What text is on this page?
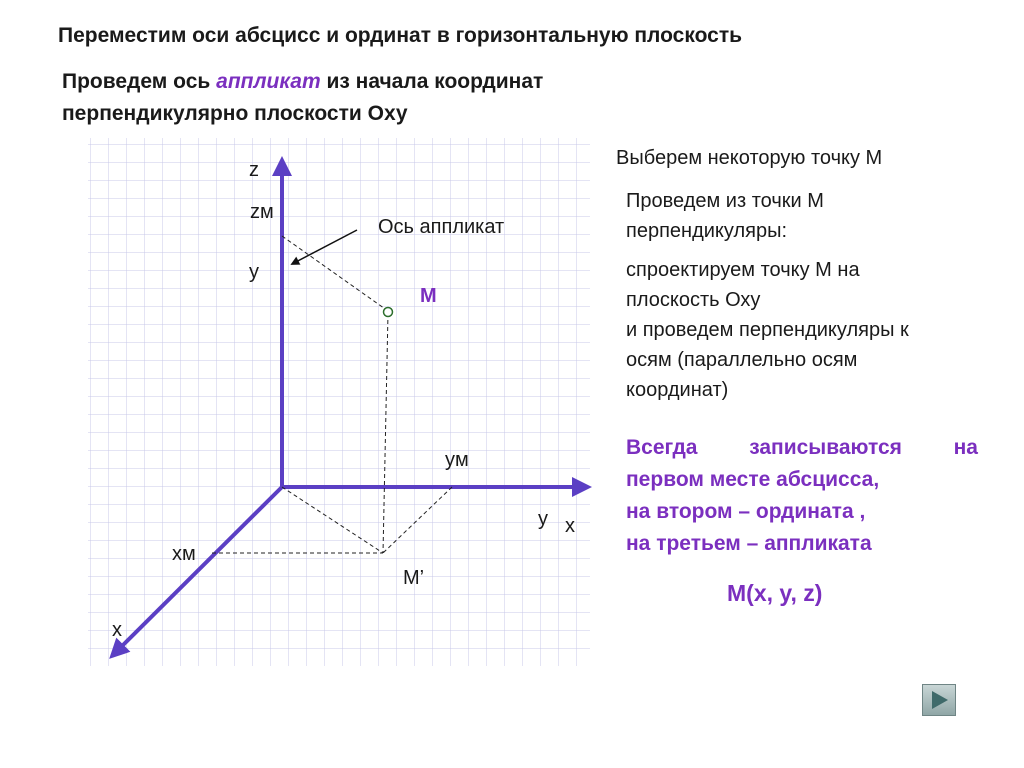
Переместим оси абсцисс и ординат в горизонтальную плоскость
Проведем ось аппликат из начала координат
перпендикулярно плоскости Оху
z
zм
y
Ось аппликат
M
yм
y x
xм
M’
x
Выберем некоторую точку М
Проведем из точки М
перпендикуляры:
спроектируем точку М на
плоскость Оху
и проведем перпендикуляры к
осям (параллельно осям
координат)
Всегда записываются на
первом месте абсцисса,
на втором – ордината ,
на третьем – аппликата
M(x, y, z)
